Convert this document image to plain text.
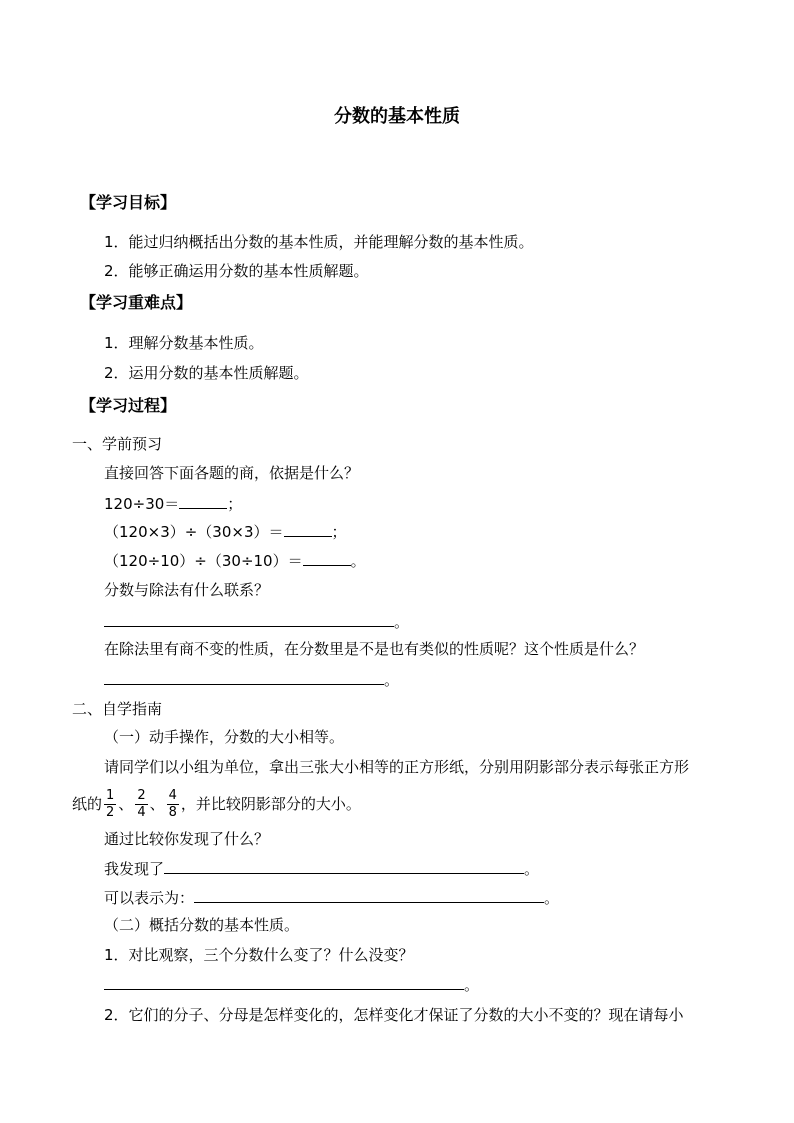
分数的基本性质
【学习目标】
1．能过归纳概括出分数的基本性质，并能理解分数的基本性质。
2．能够正确运用分数的基本性质解题。
【学习重难点】
1．理解分数基本性质。
2．运用分数的基本性质解题。
【学习过程】
一、学前预习
直接回答下面各题的商，依据是什么？
120÷30＝	；
（120×3）÷（30×3）＝	；
（120÷10）÷（30÷10）＝	。
分数与除法有什么联系？
。
在除法里有商不变的性质，在分数里是不是也有类似的性质呢？这个性质是什么？
。
二、自学指南
（一）动手操作，分数的大小相等。
请同学们以小组为单位，拿出三张大小相等的正方形纸，分别用阴影部分表示每张正方形
纸的 $\frac{1}{2}$ 、 $\frac{2}{4}$ 、 $\frac{4}{8}$ ，并比较阴影部分的大小。
通过比较你发现了什么？
我发现了	。
可以表示为：	。
（二）概括分数的基本性质。
1．对比观察，三个分数什么变了？什么没变？
。
2．它们的分子、分母是怎样变化的，怎样变化才保证了分数的大小不变的？现在请每小
